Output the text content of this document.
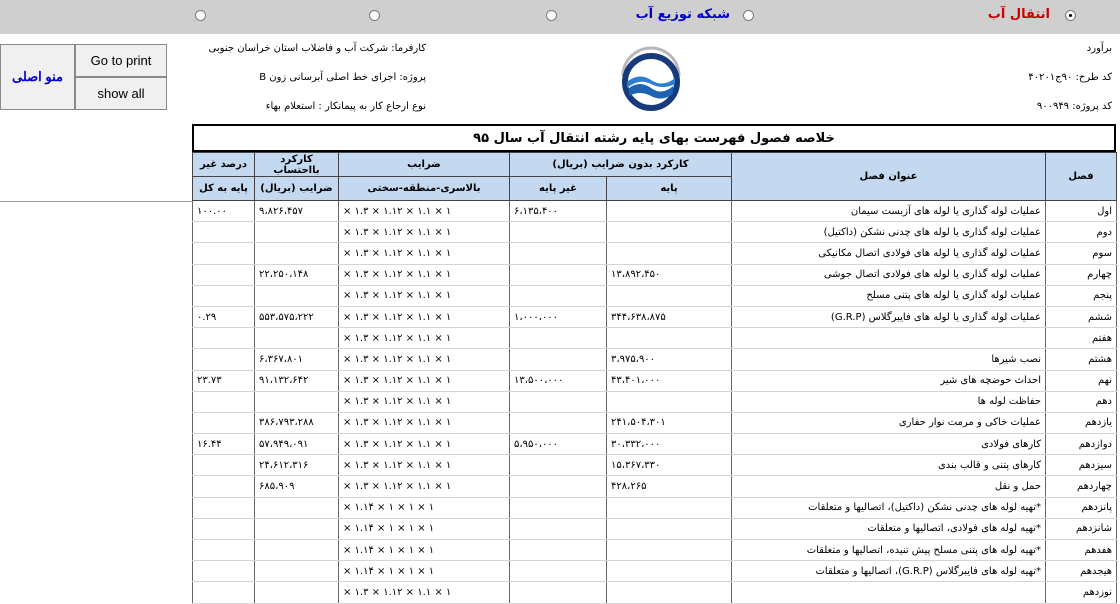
انتقال آب
شبکه توزیع آب
منو اصلی
Go to print
show all
برآورد
کد طرح: ۹۰ج۴۰۲۰۱
کد پروژه: ۹۰۰۹۴۹
کارفرما: شرکت آب و فاضلاب استان خراسان جنوبی
پروژه: اجرای خط اصلی آبرسانی زون B
نوع ارجاع کار به پیمانکار : استعلام بهاء
خلاصه فصول فهرست بهای پایه رشته انتقال آب سال ۹۵
فصل	عنوان فصل	کارکرد بدون ضرایب (بریال)		ضرایب	کارکرد بااحتساب	درصد غیر
		پایه	غیر پایه	بالاسری-منطقه-سختی	ضرایب (بریال)	پایه به کل
اول	عملیات لوله گذاری یا لوله های آزبست سیمان		۶،۱۳۵،۴۰۰	× ۱.۳ × ۱.۱۲ × ۱.۱ × ۱	۹،۸۲۶،۴۵۷	۱۰۰.۰۰
دوم	عملیات لوله گذاری یا لوله های چدنی نشکن (داکتیل)			× ۱.۳ × ۱.۱۲ × ۱.۱ × ۱		
سوم	عملیات لوله گذاری یا لوله های فولادی اتصال مکانیکی			× ۱.۳ × ۱.۱۲ × ۱.۱ × ۱		
چهارم	عملیات لوله گذاری یا لوله های فولادی اتصال جوشی	۱۳،۸۹۲،۴۵۰		× ۱.۳ × ۱.۱۲ × ۱.۱ × ۱	۲۲،۲۵۰،۱۴۸	
پنجم	عملیات لوله گذاری یا لوله های پتنی مسلح			× ۱.۳ × ۱.۱۲ × ۱.۱ × ۱		
ششم	عملیات لوله گذاری یا لوله های فایبرگلاس (G.R.P)	۳۴۴،۶۳۸،۸۷۵	۱،۰۰۰،۰۰۰	× ۱.۳ × ۱.۱۲ × ۱.۱ × ۱	۵۵۳،۵۷۵،۲۲۲	۰.۲۹
هفتم				× ۱.۳ × ۱.۱۲ × ۱.۱ × ۱		
هشتم	نصب شیرها	۳،۹۷۵،۹۰۰		× ۱.۳ × ۱.۱۲ × ۱.۱ × ۱	۶،۳۶۷،۸۰۱	
نهم	احداث حوضچه های شیر	۴۳،۴۰۱،۰۰۰	۱۳،۵۰۰،۰۰۰	× ۱.۳ × ۱.۱۲ × ۱.۱ × ۱	۹۱،۱۳۲،۶۴۲	۲۳.۷۳
دهم	حفاظت لوله ها			× ۱.۳ × ۱.۱۲ × ۱.۱ × ۱		
یازدهم	عملیات خاکی و مرمت نوار حفاری	۲۴۱،۵۰۴،۳۰۱		× ۱.۳ × ۱.۱۲ × ۱.۱ × ۱	۳۸۶،۷۹۳،۲۸۸	
دوازدهم	کارهای فولادی	۳۰،۳۳۲،۰۰۰	۵،۹۵۰،۰۰۰	× ۱.۳ × ۱.۱۲ × ۱.۱ × ۱	۵۷،۹۴۹،۰۹۱	۱۶.۴۴
سیزدهم	کارهای پتنی و قالب بندی	۱۵،۳۶۷،۳۳۰		× ۱.۳ × ۱.۱۲ × ۱.۱ × ۱	۲۴،۶۱۲،۳۱۶	
چهاردهم	حمل و نقل	۴۲۸،۲۶۵		× ۱.۳ × ۱.۱۲ × ۱.۱ × ۱	۶۸۵،۹۰۹	
پانزدهم	*تهیه لوله های چدنی نشکن (داکتیل)، اتصالیها و متعلقات			× ۱.۱۴ × ۱ × ۱ × ۱		
شانزدهم	*تهیه لوله های فولادی، اتصالیها و متعلقات			× ۱.۱۴ × ۱ × ۱ × ۱		
هفدهم	*تهیه لوله های پتنی مسلح پیش تنیده، اتصالیها و متعلقات			× ۱.۱۴ × ۱ × ۱ × ۱		
هیجدهم	*تهیه لوله های فایبرگلاس (G.R.P)، اتصالیها و متعلقات			× ۱.۱۴ × ۱ × ۱ × ۱		
نوزدهم				× ۱.۳ × ۱.۱۲ × ۱.۱ × ۱		
